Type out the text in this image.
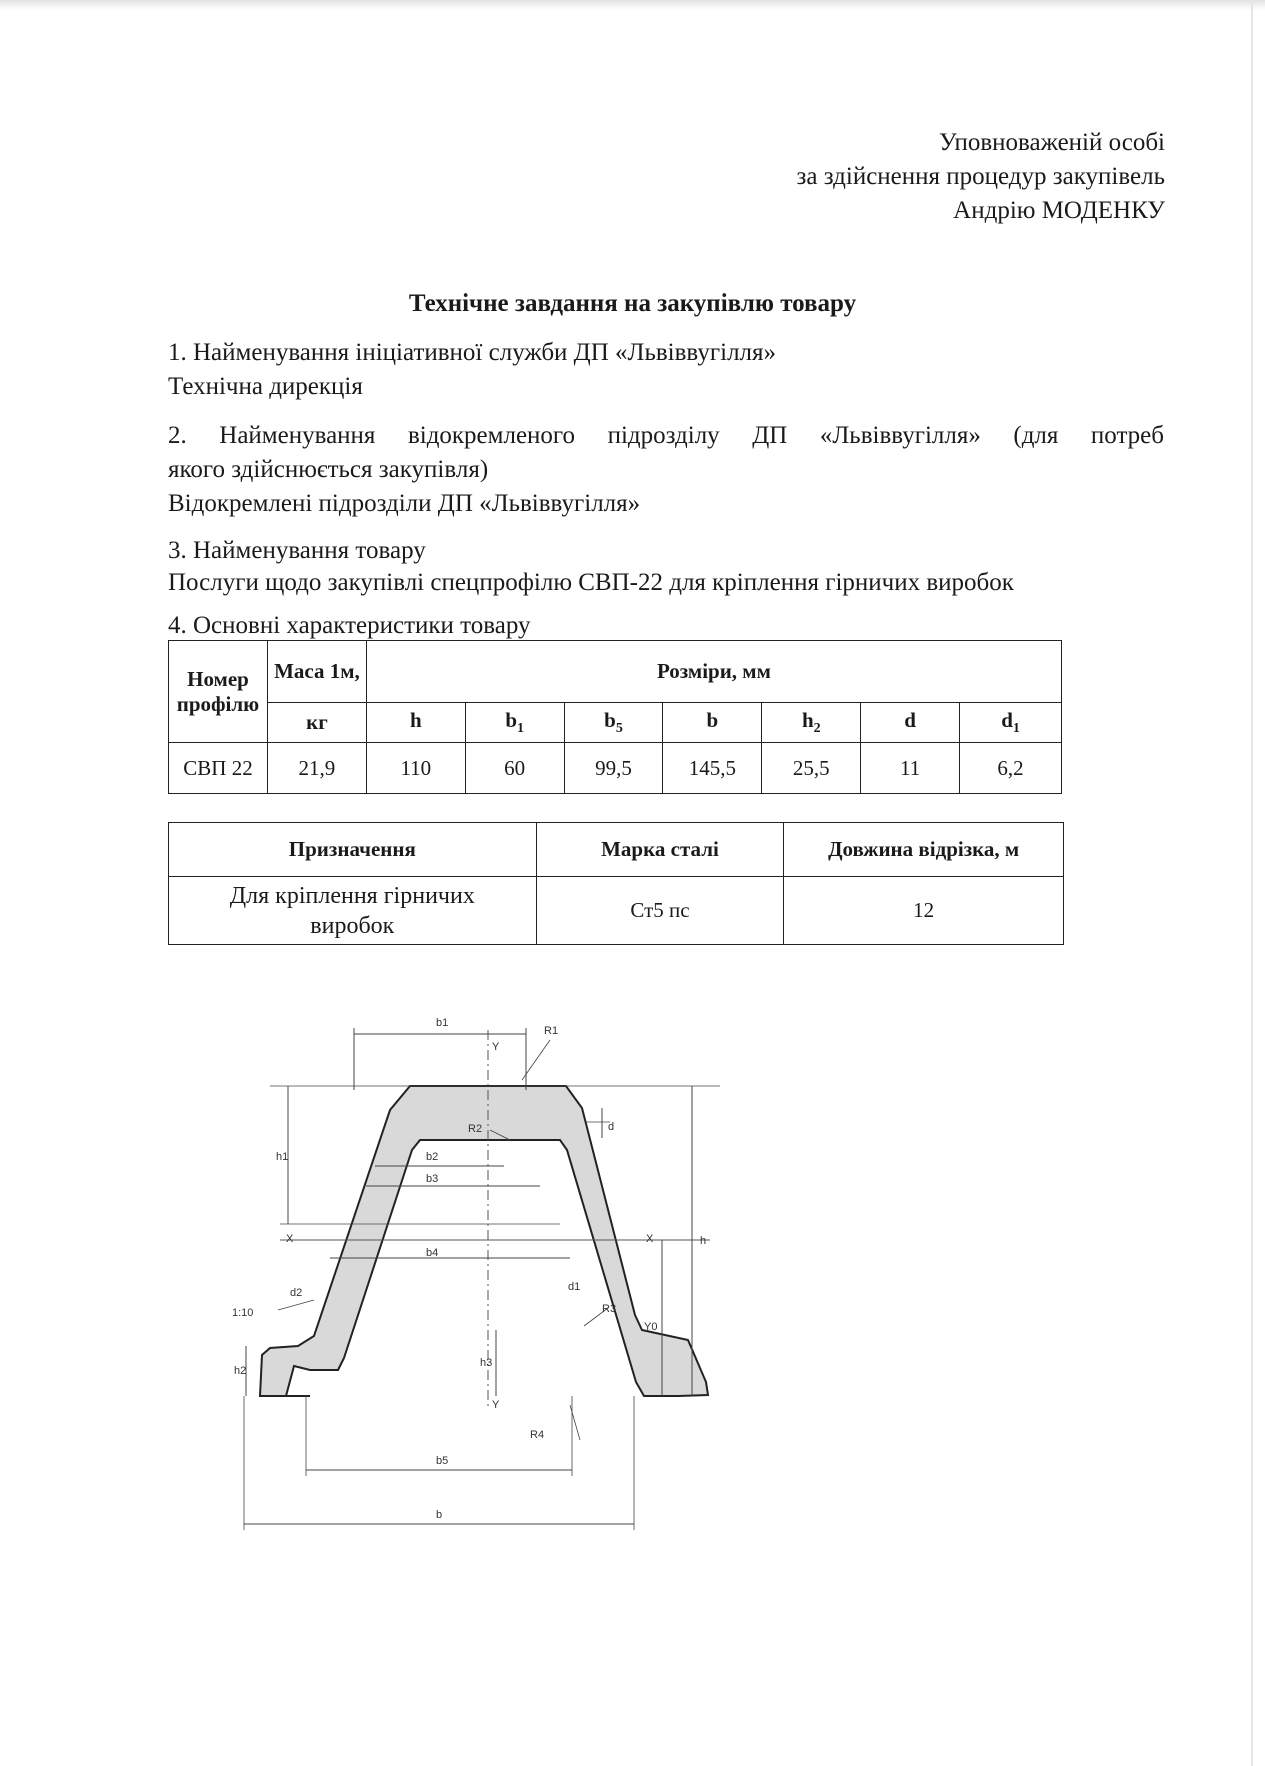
Уповноваженій особі
за здійснення процедур закупівель
Андрію МОДЕНКУ
Технічне завдання на закупівлю товару
1. Найменування ініціативної служби ДП «Львіввугілля»
Технічна дирекція
2. Найменування відокремленого підрозділу ДП «Львіввугілля» (для потреб
якого здійснюється закупівля)
Відокремлені підрозділи ДП «Львіввугілля»
3. Найменування товару
Послуги щодо закупівлі спецпрофілю СВП-22 для кріплення гірничих виробок
4. Основні характеристики товару
Номер профілю	Маса 1м,	Розміри, мм						
	кг	h	$b_1$	$b_5$	b	$h_2$	d	$d_1$
СВП 22	21,9	110	60	99,5	145,5	25,5	11	6,2
Призначення	Марка сталі	Довжина відрізка, м
Для кріплення гірничих виробок	Ст5 пс	12
b1
R1
Y
R2
b2
b3
h1
d
h
X	X
b4
d2	d1
R3
Y0
1:10
h2
h3
Y
R4
b5
b
